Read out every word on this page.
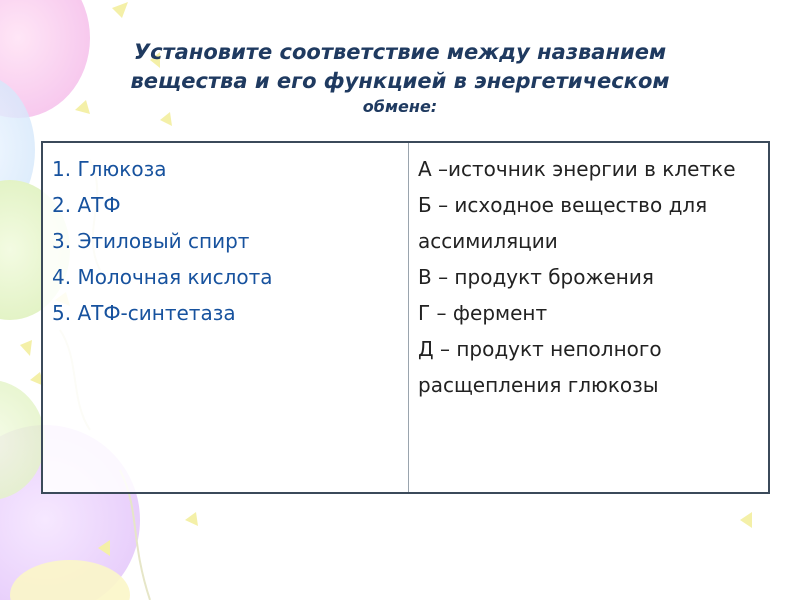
Установите соответствие между названием
вещества и его функцией в энергетическом
обмене:
1. Глюкоза
2. АТФ
3. Этиловый спирт
4. Молочная кислота
5. АТФ-синтетаза

А –источник энергии в клетке
Б – исходное вещество для ассимиляции
В – продукт брожения
Г – фермент
Д – продукт неполного расщепления глюкозы
